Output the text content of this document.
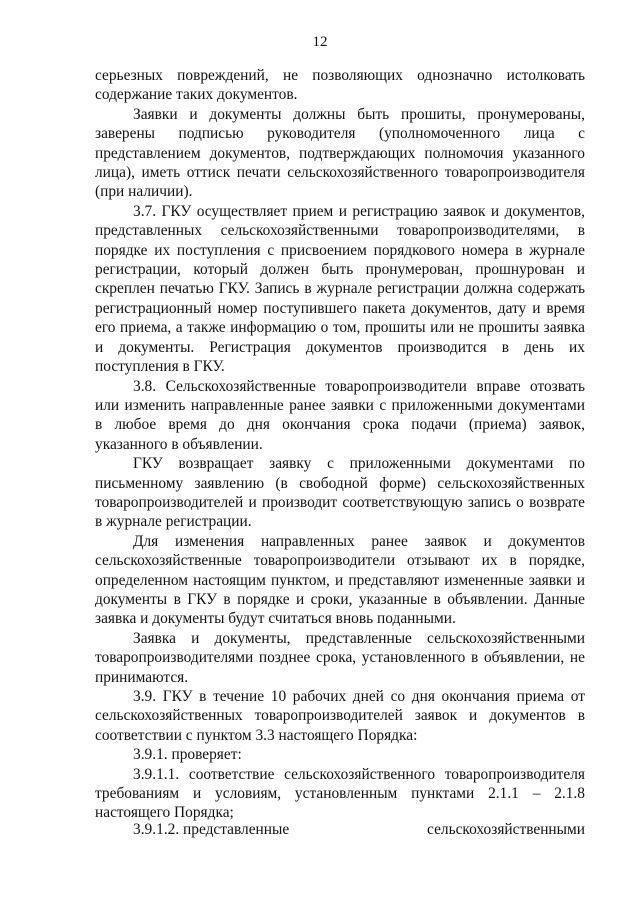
12

серьезных повреждений, не позволяющих однозначно истолковать содержание таких документов.

Заявки и документы должны быть прошиты, пронумерованы, заверены подписью руководителя (уполномоченного лица с представлением документов, подтверждающих полномочия указанного лица), иметь оттиск печати сельскохозяйственного товаропроизводителя (при наличии).

3.7. ГКУ осуществляет прием и регистрацию заявок и документов, представленных сельскохозяйственными товаропроизводителями, в порядке их поступления с присвоением порядкового номера в журнале регистрации, который должен быть пронумерован, прошнурован и скреплен печатью ГКУ. Запись в журнале регистрации должна содержать регистрационный номер поступившего пакета документов, дату и время его приема, а также информацию о том, прошиты или не прошиты заявка и документы. Регистрация документов производится в день их поступления в ГКУ.

3.8. Сельскохозяйственные товаропроизводители вправе отозвать или изменить направленные ранее заявки с приложенными документами в любое время до дня окончания срока подачи (приема) заявок, указанного в объявлении.

ГКУ возвращает заявку с приложенными документами по письменному заявлению (в свободной форме) сельскохозяйственных товаропроизводителей и производит соответствующую запись о возврате в журнале регистрации.

Для изменения направленных ранее заявок и документов сельскохозяйственные товаропроизводители отзывают их в порядке, определенном настоящим пунктом, и представляют измененные заявки и документы в ГКУ в порядке и сроки, указанные в объявлении. Данные заявка и документы будут считаться вновь поданными.

Заявка и документы, представленные сельскохозяйственными товаропроизводителями позднее срока, установленного в объявлении, не принимаются.

3.9. ГКУ в течение 10 рабочих дней со дня окончания приема от сельскохозяйственных товаропроизводителей заявок и документов в соответствии с пунктом 3.3 настоящего Порядка:

3.9.1. проверяет:

3.9.1.1. соответствие сельскохозяйственного товаропроизводителя требованиям и условиям, установленным пунктами 2.1.1 – 2.1.8 настоящего Порядка;

3.9.1.2. представленные	сельскохозяйственными
